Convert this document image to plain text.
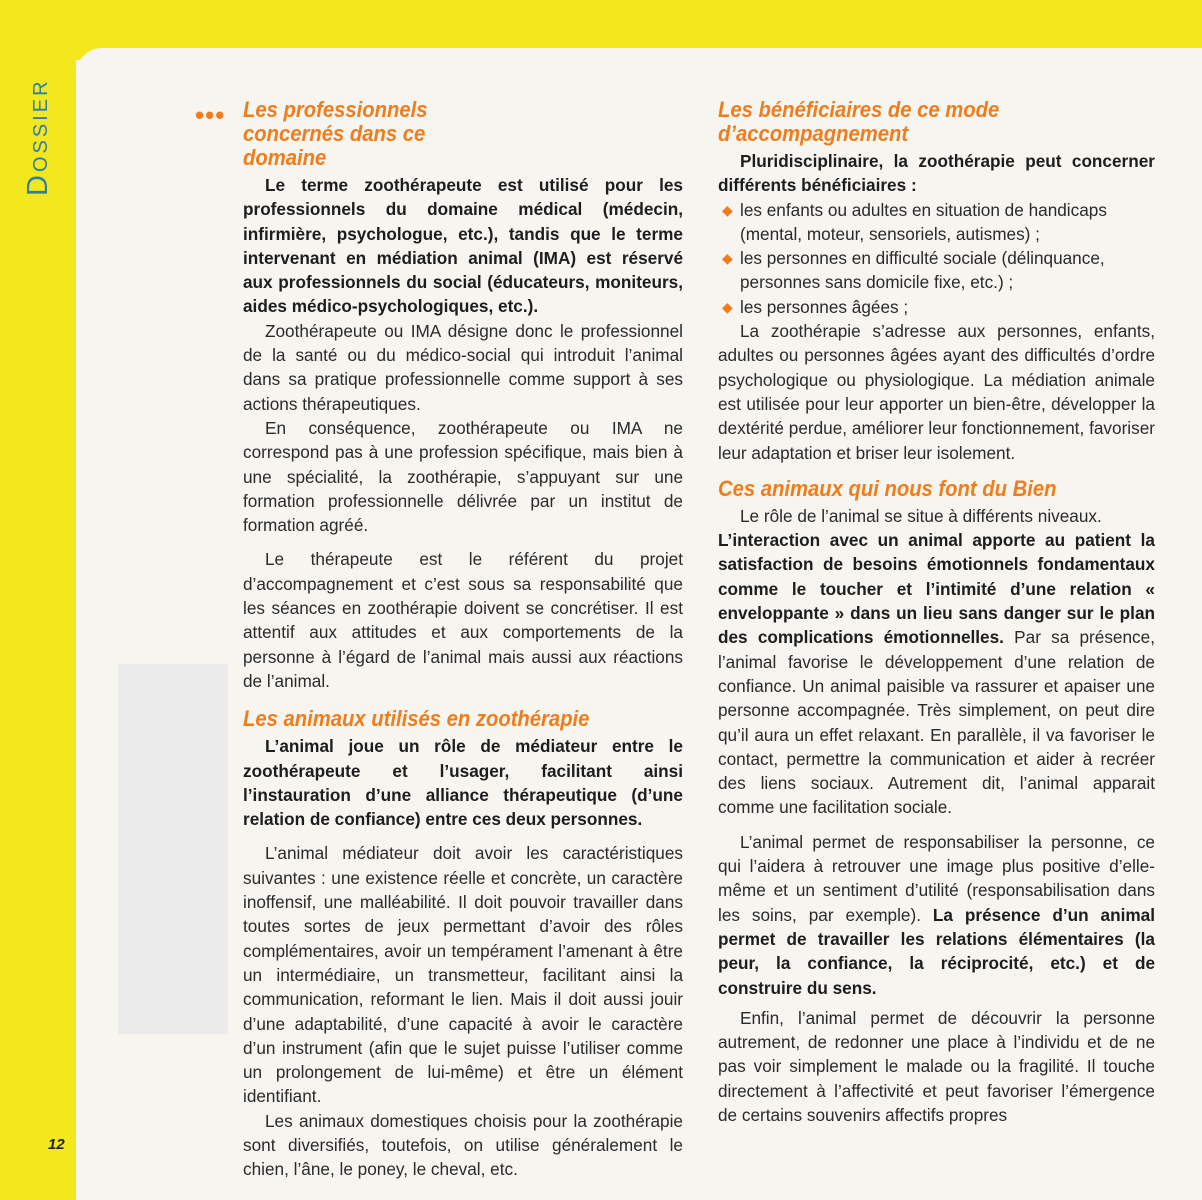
Dossier
12
••• Les professionnels concernés dans ce domaine

Le terme zoothérapeute est utilisé pour les professionnels du domaine médical (médecin, infirmière, psychologue, etc.), tandis que le terme intervenant en médiation animal (IMA) est réservé aux professionnels du social (éducateurs, moniteurs, aides médico-psychologiques, etc.).

Zoothérapeute ou IMA désigne donc le professionnel de la santé ou du médico-social qui introduit l’animal dans sa pratique professionnelle comme support à ses actions thérapeutiques.

En conséquence, zoothérapeute ou IMA ne correspond pas à une profession spécifique, mais bien à une spécialité, la zoothérapie, s’appuyant sur une formation professionnelle délivrée par un institut de formation agréé.

Le thérapeute est le référent du projet d’accompagnement et c’est sous sa responsabilité que les séances en zoothérapie doivent se concrétiser. Il est attentif aux attitudes et aux comportements de la personne à l’égard de l’animal mais aussi aux réactions de l’animal.

Les animaux utilisés en zoothérapie

L’animal joue un rôle de médiateur entre le zoothérapeute et l’usager, facilitant ainsi l’instauration d’une alliance thérapeutique (d’une relation de confiance) entre ces deux personnes.

L’animal médiateur doit avoir les caractéristiques suivantes : une existence réelle et concrète, un caractère inoffensif, une malléabilité. Il doit pouvoir travailler dans toutes sortes de jeux permettant d’avoir des rôles complémentaires, avoir un tempérament l’amenant à être un intermédiaire, un transmetteur, facilitant ainsi la communication, reformant le lien. Mais il doit aussi jouir d’une adaptabilité, d’une capacité à avoir le caractère d’un instrument (afin que le sujet puisse l’utiliser comme un prolongement de lui-même) et être un élément identifiant.

Les animaux domestiques choisis pour la zoothérapie sont diversifiés, toutefois, on utilise généralement le chien, l’âne, le poney, le cheval, etc.

Les bénéficiaires de ce mode d’accompagnement

Pluridisciplinaire, la zoothérapie peut concerner différents bénéficiaires :

◆ les enfants ou adultes en situation de handicaps (mental, moteur, sensoriels, autismes) ;
◆ les personnes en difficulté sociale (délinquance, personnes sans domicile fixe, etc.) ;
◆ les personnes âgées ;

La zoothérapie s’adresse aux personnes, enfants, adultes ou personnes âgées ayant des difficultés d’ordre psychologique ou physiologique. La médiation animale est utilisée pour leur apporter un bien-être, développer la dextérité perdue, améliorer leur fonctionnement, favoriser leur adaptation et briser leur isolement.

Ces animaux qui nous font du Bien

Le rôle de l’animal se situe à différents niveaux.

L’interaction avec un animal apporte au patient la satisfaction de besoins émotionnels fondamentaux comme le toucher et l’intimité d’une relation « enveloppante » dans un lieu sans danger sur le plan des complications émotionnelles. Par sa présence, l’animal favorise le développement d’une relation de confiance. Un animal paisible va rassurer et apaiser une personne accompagnée. Très simplement, on peut dire qu’il aura un effet relaxant. En parallèle, il va favoriser le contact, permettre la communication et aider à recréer des liens sociaux. Autrement dit, l’animal apparait comme une facilitation sociale.

L’animal permet de responsabiliser la personne, ce qui l’aidera à retrouver une image plus positive d’elle-même et un sentiment d’utilité (responsabilisation dans les soins, par exemple). La présence d’un animal permet de travailler les relations élémentaires (la peur, la confiance, la réciprocité, etc.) et de construire du sens.

Enfin, l’animal permet de découvrir la personne autrement, de redonner une place à l’individu et de ne pas voir simplement le malade ou la fragilité. Il touche directement à l’affectivité et peut favoriser l’émergence de certains souvenirs affectifs propres
